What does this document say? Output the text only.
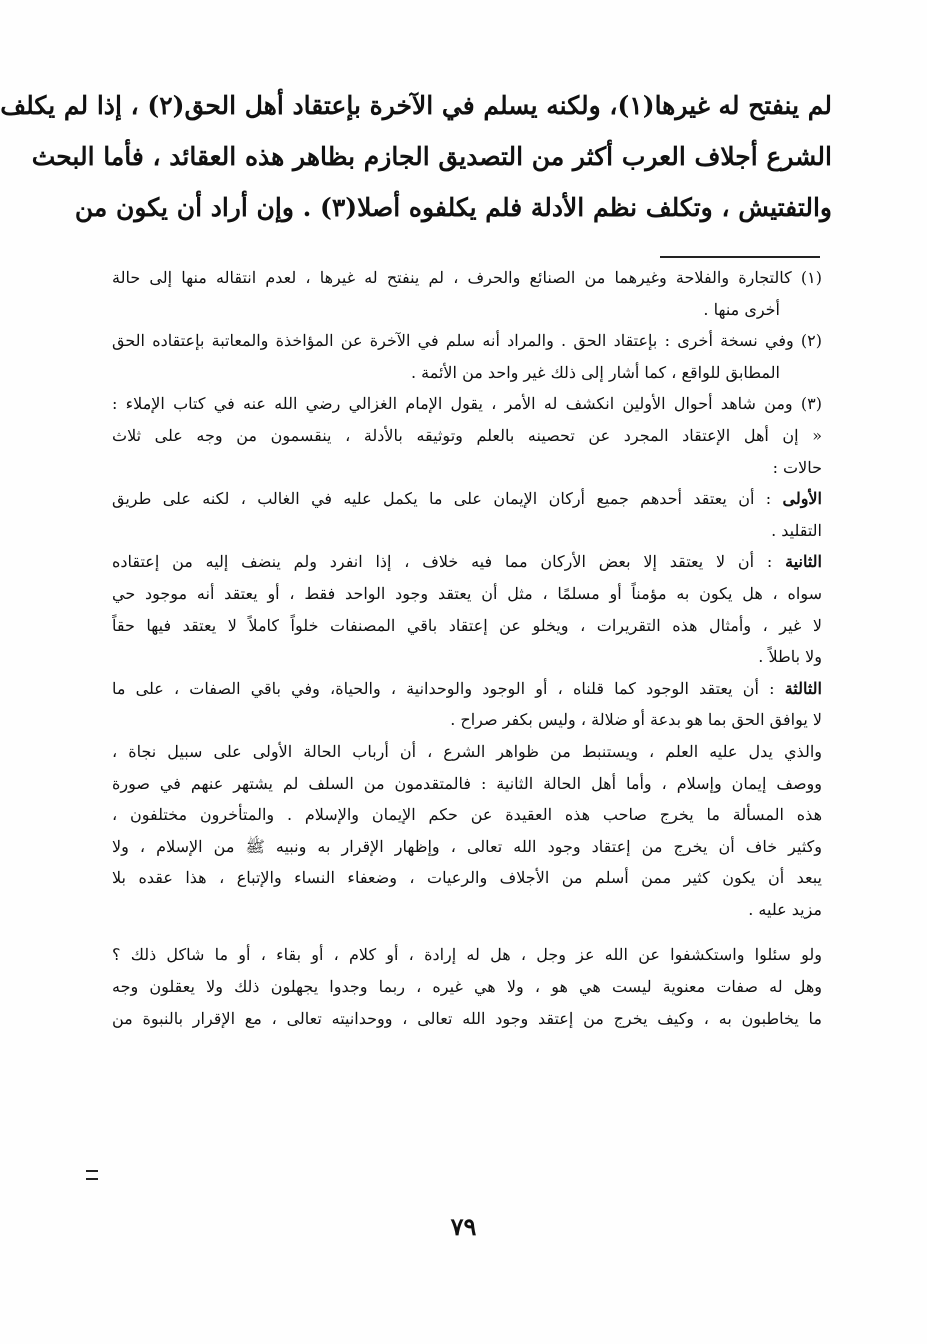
لم ينفتح له غيرها(١)، ولكنه يسلم في الآخرة بإعتقاد أهل الحق(٢) ، إذا لم يكلف
الشرع أجلاف العرب أكثر من التصديق الجازم بظاهر هذه العقائد ، فأما البحث
والتفتيش ، وتكلف نظم الأدلة فلم يكلفوه أصلا(٣) . وإن أراد أن يكون من
(١) كالتجارة والفلاحة وغيرهما من الصنائع والحرف ، لم ينفتح له غيرها ، لعدم انتقاله منها إلى حالة
أخرى منها .
(٢) وفي نسخة أخرى : بإعتقاد الحق . والمراد أنه سلم في الآخرة عن المؤاخذة والمعاتبة بإعتقاده الحق
المطابق للواقع ، كما أشار إلى ذلك غير واحد من الأئمة .
(٣) ومن شاهد أحوال الأولين انكشف له الأمر ، يقول الإمام الغزالي رضي الله عنه في كتاب الإملاء :
« إن أهل الإعتقاد المجرد عن تحصينه بالعلم وتوثيقه بالأدلة ، ينقسمون من وجه على ثلاث
حالات :
الأولى : أن يعتقد أحدهم جميع أركان الإيمان على ما يكمل عليه في الغالب ، لكنه على طريق
التقليد .
الثانية : أن لا يعتقد إلا بعض الأركان مما فيه خلاف ، إذا انفرد ولم ينضف إليه من إعتقاده
سواه ، هل يكون به مؤمناً أو مسلمًا ، مثل أن يعتقد وجود الواحد فقط ، أو يعتقد أنه موجود حي
لا غير ، وأمثال هذه التقريرات ، ويخلو عن إعتقاد باقي المصنفات خلواً كاملاً لا يعتقد فيها حقاً
ولا باطلاً .
الثالثة : أن يعتقد الوجود كما قلناه ، أو الوجود والوحدانية ، والحياة، وفي باقي الصفات ، على ما
لا يوافق الحق بما هو بدعة أو ضلالة ، وليس بكفر صراح .
والذي يدل عليه العلم ، ويستنبط من ظواهر الشرع ، أن أرباب الحالة الأولى على سبيل نجاة ،
ووصف إيمان وإسلام ، وأما أهل الحالة الثانية : فالمتقدمون من السلف لم يشتهر عنهم في صورة
هذه المسألة ما يخرج صاحب هذه العقيدة عن حكم الإيمان والإسلام . والمتأخرون مختلفون ،
وكثير خاف أن يخرج من إعتقاد وجود الله تعالى ، وإظهار الإقرار به ونبيه ﷺ من الإسلام ، ولا
يبعد أن يكون كثير ممن أسلم من الأجلاف والرعيات ، وضعفاء النساء والإتباع ، هذا عقده بلا
مزيد عليه .
ولو سئلوا واستكشفوا عن الله عز وجل ، هل له إرادة ، أو كلام ، أو بقاء ، أو ما شاكل ذلك ؟
وهل له صفات معنوية ليست هي هو ، ولا هي غيره ، ربما وجدوا يجهلون ذلك ولا يعقلون وجه
ما يخاطبون به ، وكيف يخرج من إعتقد وجود الله تعالى ، ووحدانيته تعالى ، مع الإقرار بالنبوة من
٧٩
